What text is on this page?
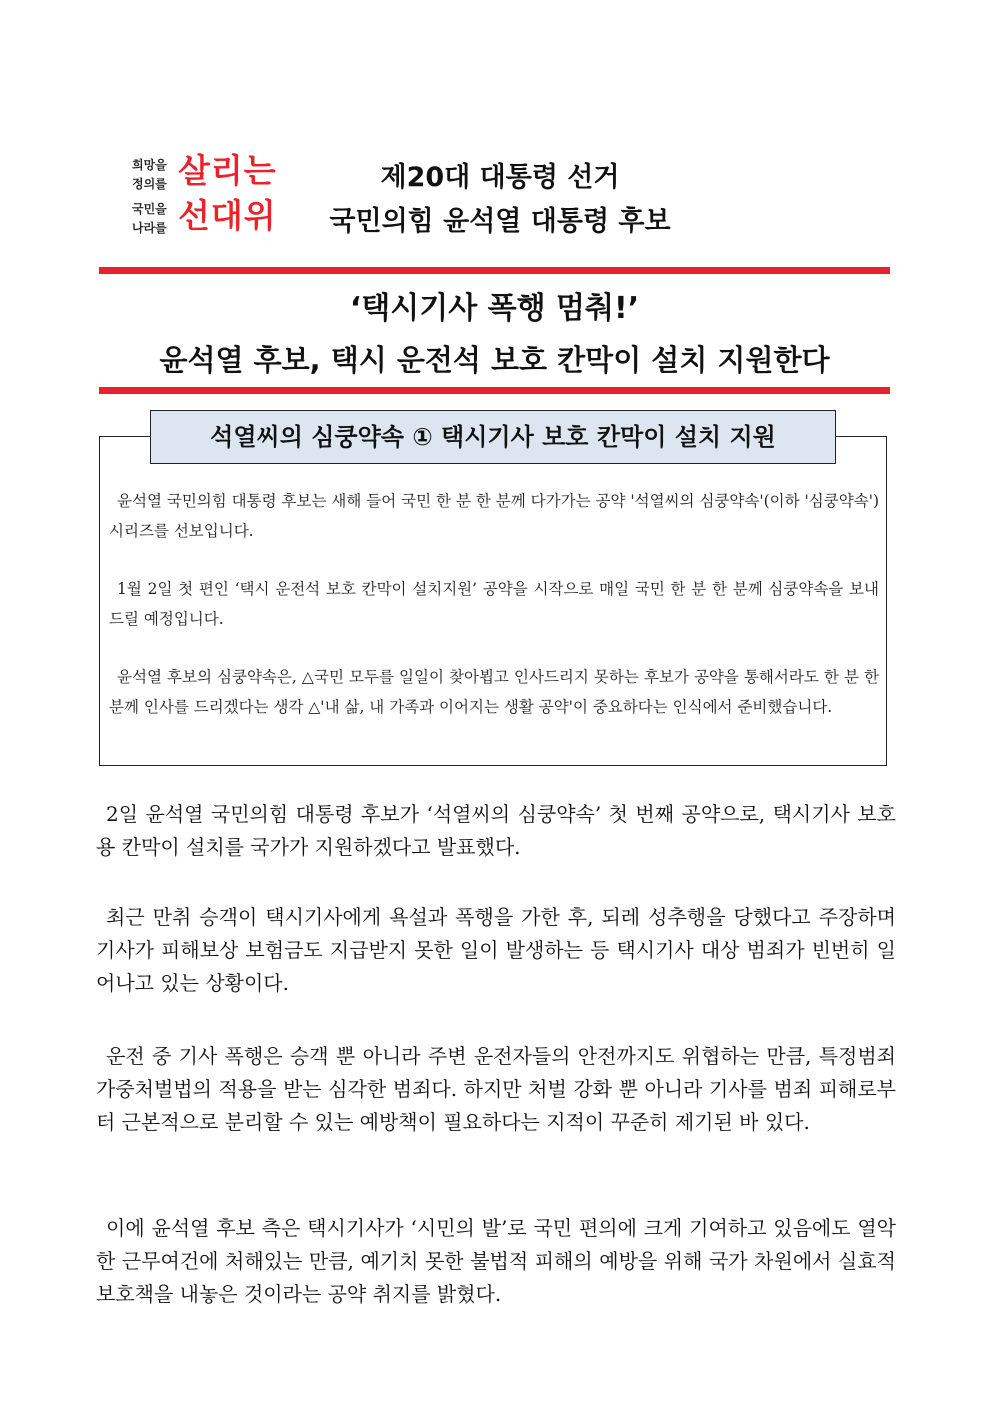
희망을
정의를
국민을
나라를
살리는
선대위
제20대 대통령 선거
국민의힘 윤석열 대통령 후보
‘택시기사 폭행 멈춰!’
윤석열 후보, 택시 운전석 보호 칸막이 설치 지원한다
석열씨의 심쿵약속 ① 택시기사 보호 칸막이 설치 지원
윤석열 국민의힘 대통령 후보는 새해 들어 국민 한 분 한 분께 다가가는 공약 '석열씨의 심쿵약속'(이하 '심쿵약속') 시리즈를 선보입니다.
1월 2일 첫 편인 ‘택시 운전석 보호 칸막이 설치지원’ 공약을 시작으로 매일 국민 한 분 한 분께 심쿵약속을 보내드릴 예정입니다.
윤석열 후보의 심쿵약속은, △국민 모두를 일일이 찾아뵙고 인사드리지 못하는 후보가 공약을 통해서라도 한 분 한 분께 인사를 드리겠다는 생각 △'내 삶, 내 가족과 이어지는 생활 공약'이 중요하다는 인식에서 준비했습니다.
2일 윤석열 국민의힘 대통령 후보가 ‘석열씨의 심쿵약속’ 첫 번째 공약으로, 택시기사 보호용 칸막이 설치를 국가가 지원하겠다고 발표했다.
최근 만취 승객이 택시기사에게 욕설과 폭행을 가한 후, 되레 성추행을 당했다고 주장하며 기사가 피해보상 보험금도 지급받지 못한 일이 발생하는 등 택시기사 대상 범죄가 빈번히 일어나고 있는 상황이다.
운전 중 기사 폭행은 승객 뿐 아니라 주변 운전자들의 안전까지도 위협하는 만큼, 특정범죄가중처벌법의 적용을 받는 심각한 범죄다. 하지만 처벌 강화 뿐 아니라 기사를 범죄 피해로부터 근본적으로 분리할 수 있는 예방책이 필요하다는 지적이 꾸준히 제기된 바 있다.
이에 윤석열 후보 측은 택시기사가 ‘시민의 발’로 국민 편의에 크게 기여하고 있음에도 열악한 근무여건에 처해있는 만큼, 예기치 못한 불법적 피해의 예방을 위해 국가 차원에서 실효적 보호책을 내놓은 것이라는 공약 취지를 밝혔다.
